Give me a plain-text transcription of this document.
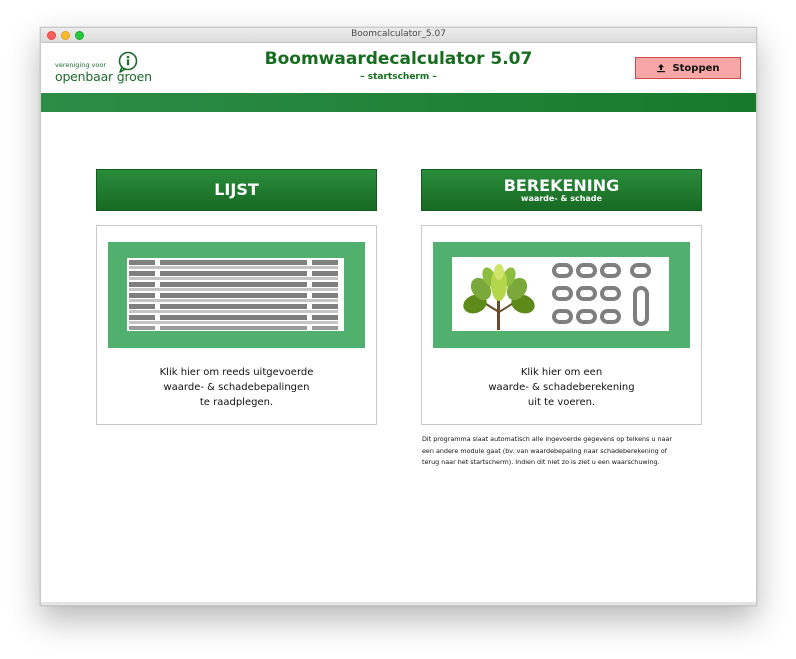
Boomcalculator_5.07
vereniging voor
openbaar groen
Boomwaardecalculator 5.07
– startscherm –
Stoppen
LIJST
Klik hier om reeds uitgevoerde
waarde- & schadebepalingen
te raadplegen.
BEREKENING
waarde- & schade
Klik hier om een
waarde- & schadeberekening
uit te voeren.
Dit programma slaat automatisch alle ingevoerde gegevens op telkens u naar
een andere module gaat (bv. van waardebepaling naar schadeberekening of
terug naar het startscherm). Indien dit niet zo is ziet u een waarschuwing.
